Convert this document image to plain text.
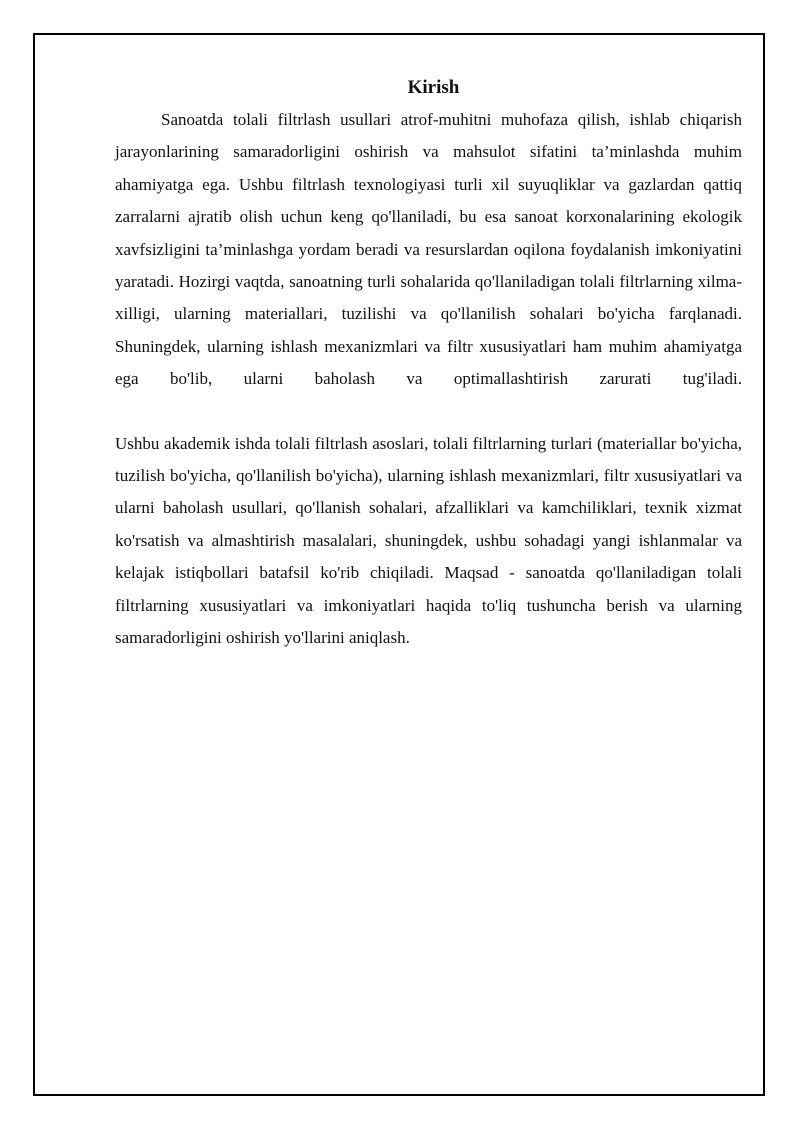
Kirish

Sanoatda tolali filtrlash usullari atrof-muhitni muhofaza qilish, ishlab chiqarish jarayonlarining samaradorligini oshirish va mahsulot sifatini ta’minlashda muhim ahamiyatga ega. Ushbu filtrlash texnologiyasi turli xil suyuqliklar va gazlardan qattiq zarralarni ajratib olish uchun keng qo'llaniladi, bu esa sanoat korxonalarining ekologik xavfsizligini ta’minlashga yordam beradi va resurslardan oqilona foydalanish imkoniyatini yaratadi. Hozirgi vaqtda, sanoatning turli sohalarida qo'llaniladigan tolali filtrlarning xilma-xilligi, ularning materiallari, tuzilishi va qo'llanilish sohalari bo'yicha farqlanadi. Shuningdek, ularning ishlash mexanizmlari va filtr xususiyatlari ham muhim ahamiyatga ega bo'lib, ularni baholash va optimallashtirish zarurati tug'iladi.

Ushbu akademik ishda tolali filtrlash asoslari, tolali filtrlarning turlari (materiallar bo'yicha, tuzilish bo'yicha, qo'llanilish bo'yicha), ularning ishlash mexanizmlari, filtr xususiyatlari va ularni baholash usullari, qo'llanish sohalari, afzalliklari va kamchiliklari, texnik xizmat ko'rsatish va almashtirish masalalari, shuningdek, ushbu sohadagi yangi ishlanmalar va kelajak istiqbollari batafsil ko'rib chiqiladi. Maqsad - sanoatda qo'llaniladigan tolali filtrlarning xususiyatlari va imkoniyatlari haqida to'liq tushuncha berish va ularning samaradorligini oshirish yo'llarini aniqlash.
